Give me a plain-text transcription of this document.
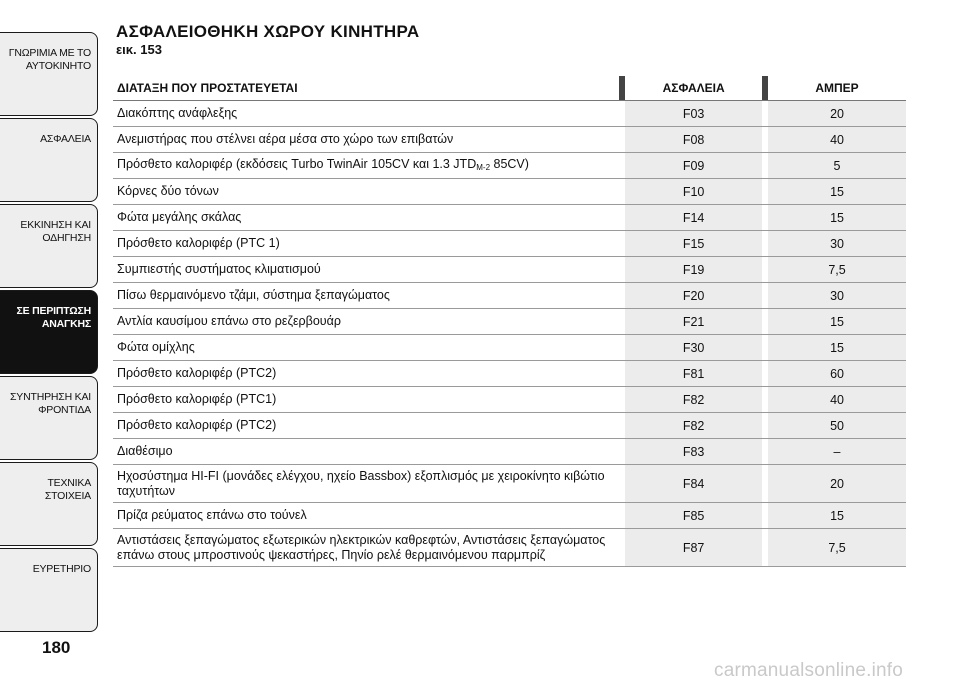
ΓΝΩΡΙΜΙΑ ΜΕ ΤΟ
ΑΥΤΟΚΙΝΗΤΟ
ΑΣΦΑΛΕΙΑ
ΕΚΚΙΝΗΣΗ ΚΑΙ
ΟΔΗΓΗΣΗ
ΣΕ ΠΕΡΙΠΤΩΣΗ
ΑΝΑΓΚΗΣ
ΣΥΝΤΗΡΗΣΗ ΚΑΙ
ΦΡΟΝΤΙΔΑ
ΤΕΧΝΙΚΑ ΣΤΟΙΧΕΙΑ
ΕΥΡΕΤΗΡΙΟ
180
ΑΣΦΑΛΕΙΟΘΗΚΗ ΧΩΡΟΥ ΚΙΝΗΤΗΡΑ
εικ. 153
ΔΙΑΤΑΞΗ ΠΟΥ ΠΡΟΣΤΑΤΕΥΕΤΑΙ	ΑΣΦΑΛΕΙΑ	ΑΜΠΕΡ
Διακόπτης ανάφλεξης	F03	20
Ανεμιστήρας που στέλνει αέρα μέσα στο χώρο των επιβατών	F08	40
Πρόσθετο καλοριφέρ (εκδόσεις Turbo TwinAir 105CV και 1.3 $JTD_{M-2}$ 85CV)	F09	5
Κόρνες δύο τόνων	F10	15
Φώτα μεγάλης σκάλας	F14	15
Πρόσθετο καλοριφέρ (PTC 1)	F15	30
Συμπιεστής συστήματος κλιματισμού	F19	7,5
Πίσω θερμαινόμενο τζάμι, σύστημα ξεπαγώματος	F20	30
Αντλία καυσίμου επάνω στο ρεζερβουάρ	F21	15
Φώτα ομίχλης	F30	15
Πρόσθετο καλοριφέρ (PTC2)	F81	60
Πρόσθετο καλοριφέρ (PTC1)	F82	40
Πρόσθετο καλοριφέρ (PTC2)	F82	50
Διαθέσιμο	F83	–
Ηχοσύστημα HI-FI (μονάδες ελέγχου, ηχείο Bassbox) εξοπλισμός με χειροκίνητο κιβώτιο ταχυτήτων	F84	20
Πρίζα ρεύματος επάνω στο τούνελ	F85	15
Αντιστάσεις ξεπαγώματος εξωτερικών ηλεκτρικών καθρεφτών, Αντιστάσεις ξεπαγώματος επάνω στους μπροστινούς ψεκαστήρες, Πηνίο ρελέ θερμαινόμενου παρμπρίζ	F87	7,5
carmanualsonline.info
